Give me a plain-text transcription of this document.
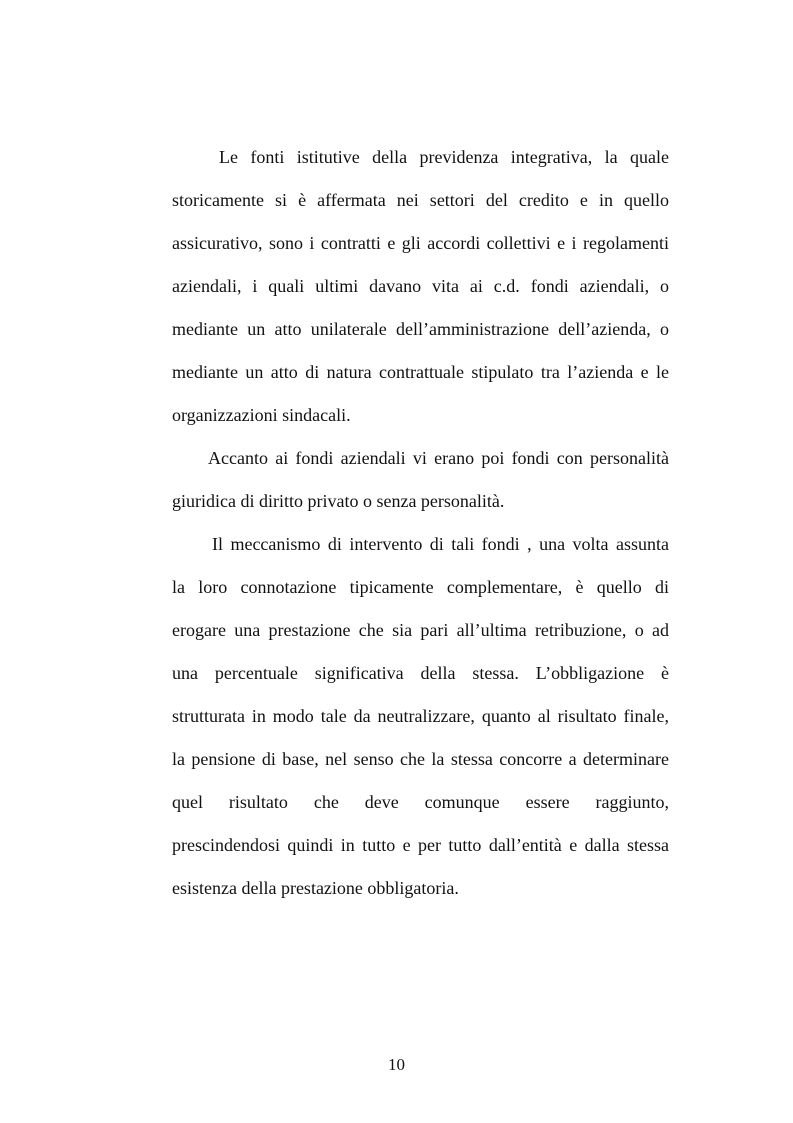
Le fonti istitutive della previdenza integrativa, la quale
storicamente si è affermata nei settori del credito e in quello
assicurativo, sono i contratti e gli accordi collettivi e i regolamenti
aziendali, i quali ultimi davano vita ai c.d. fondi aziendali, o
mediante un atto unilaterale dell’amministrazione dell’azienda, o
mediante un atto di natura contrattuale stipulato tra l’azienda e le
organizzazioni sindacali.
Accanto ai fondi aziendali vi erano poi fondi con personalità
giuridica di diritto privato o senza personalità.
Il meccanismo di intervento di tali fondi , una volta assunta
la loro connotazione tipicamente complementare, è quello di
erogare una prestazione che sia pari all’ultima retribuzione, o ad
una percentuale significativa della stessa. L’obbligazione è
strutturata in modo tale da neutralizzare, quanto al risultato finale,
la pensione di base, nel senso che la stessa concorre a determinare
quel risultato che deve comunque essere raggiunto,
prescindendosi quindi in tutto e per tutto dall’entità e dalla stessa
esistenza della prestazione obbligatoria.
10
